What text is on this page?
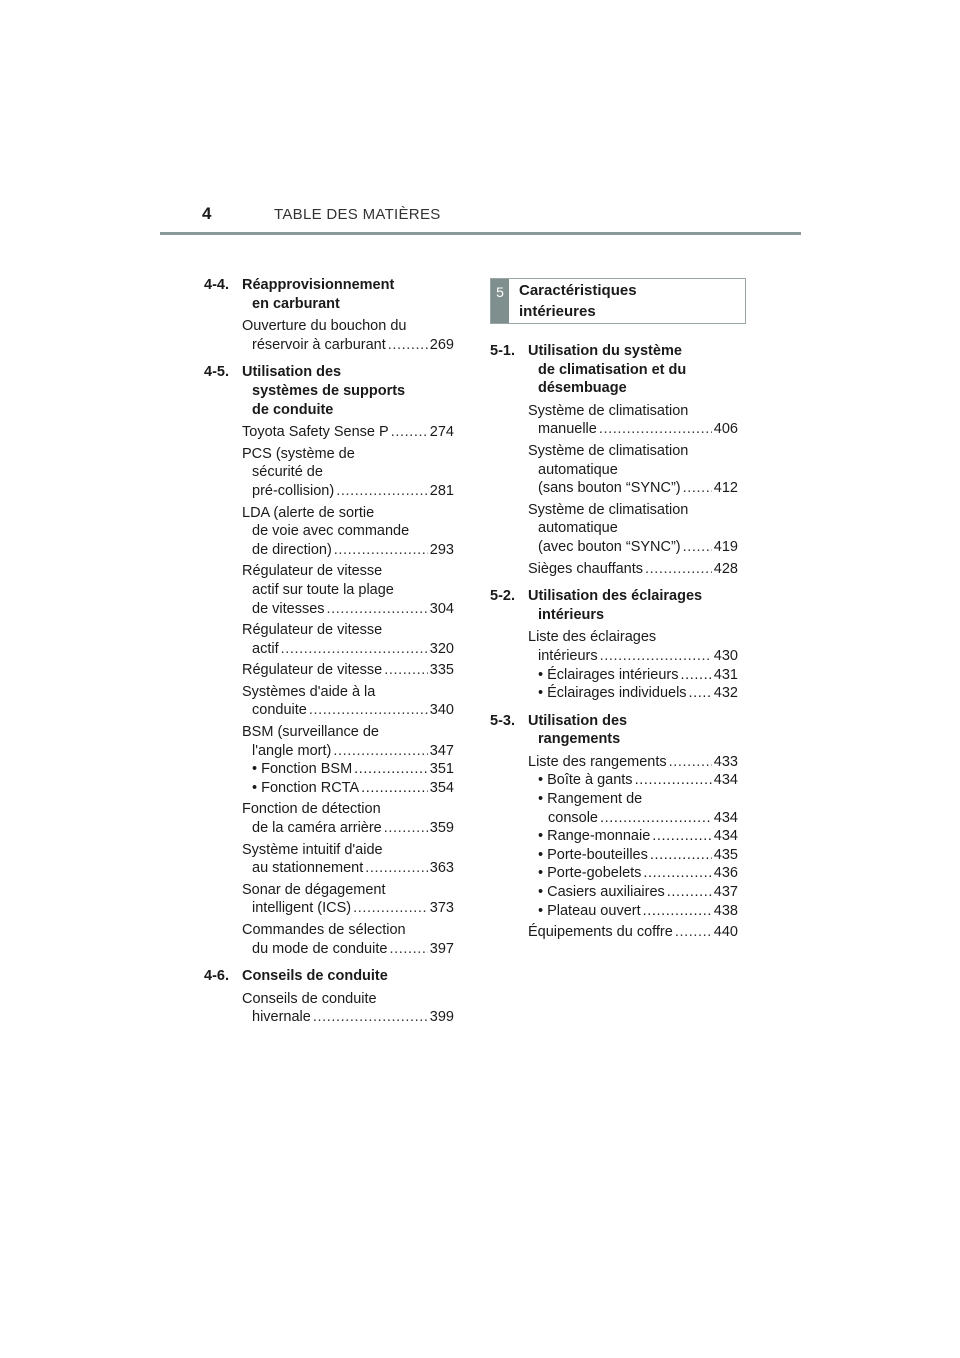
4	TABLE DES MATIÈRES
5	Caractéristiques
intérieures
4-4. Réapprovisionnement
en carburant
Ouverture du bouchon du
réservoir à carburant .....	269
4-5. Utilisation des
systèmes de supports
de conduite
Toyota Safety Sense P .....	274
PCS (système de
sécurité de
pré-collision) .....	281
LDA (alerte de sortie
de voie avec commande
de direction) .....	293
Régulateur de vitesse
actif sur toute la plage
de vitesses .....	304
Régulateur de vitesse
actif .....	320
Régulateur de vitesse .....	335
Systèmes d'aide à la
conduite .....	340
BSM (surveillance de
l'angle mort) .....	347
• Fonction BSM .....	351
• Fonction RCTA .....	354
Fonction de détection
de la caméra arrière .....	359
Système intuitif d'aide
au stationnement .....	363
Sonar de dégagement
intelligent (ICS) .....	373
Commandes de sélection
du mode de conduite .....	397
4-6. Conseils de conduite
Conseils de conduite
hivernale .....	399
5-1. Utilisation du système
de climatisation et du
désembuage
Système de climatisation
manuelle .....	406
Système de climatisation
automatique
(sans bouton “SYNC”) ..... 412
Système de climatisation
automatique
(avec bouton “SYNC”) ..... 419
Sièges chauffants .....	428
5-2. Utilisation des éclairages
intérieurs
Liste des éclairages
intérieurs .....	430
• Éclairages intérieurs ..... 431
• Éclairages individuels ..... 432
5-3. Utilisation des
rangements
Liste des rangements .....	433
• Boîte à gants .....	434
• Rangement de
console .....	434
• Range-monnaie .....	434
• Porte-bouteilles .....	435
• Porte-gobelets .....	436
• Casiers auxiliaires .....	437
• Plateau ouvert .....	438
Équipements du coffre .....	440
